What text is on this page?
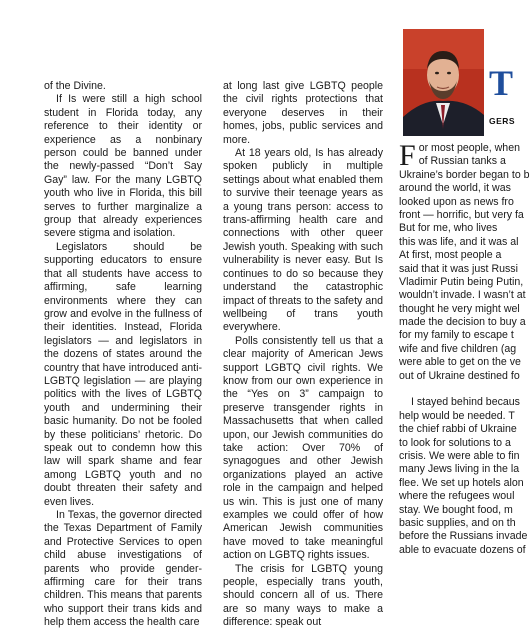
of the Divine.

If Is were still a high school student in Florida today, any reference to their identity or experience as a nonbinary person could be banned under the newly-passed “Don’t Say Gay” law. For the many LGBTQ youth who live in Florida, this bill serves to further marginalize a group that already experiences severe stigma and isolation.

Legislators should be supporting educators to ensure that all students have access to affirming, safe learning environments where they can grow and evolve in the fullness of their identities. Instead, Florida legislators — and legislators in the dozens of states around the country that have introduced anti-LGBTQ legislation — are playing politics with the lives of LGBTQ youth and undermining their basic humanity. Do not be fooled by these politicians’ rhetoric. Do speak out to condemn how this law will spark shame and fear among LGBTQ youth and no doubt threaten their safety and even lives.

In Texas, the governor directed the Texas Department of Family and Protective Services to open child abuse investigations of parents who provide gender-affirming care for their trans children. This means that parents who support their trans kids and help them access the health care

at long last give LGBTQ people the civil rights protections that everyone deserves in their homes, jobs, public services and more.

At 18 years old, Is has already spoken publicly in multiple settings about what enabled them to survive their teenage years as a young trans person: access to trans-affirming health care and connections with other queer Jewish youth. Speaking with such vulnerability is never easy. But Is continues to do so because they understand the catastrophic impact of threats to the safety and wellbeing of trans youth everywhere.

Polls consistently tell us that a clear majority of American Jews support LGBTQ civil rights. We know from our own experience in the “Yes on 3” campaign to preserve transgender rights in Massachusetts that when called upon, our Jewish communities do take action: Over 70% of synagogues and other Jewish organizations played an active role in the campaign and helped us win. This is just one of many examples we could offer of how American Jewish communities have moved to take meaningful action on LGBTQ rights issues.

The crisis for LGBTQ young people, especially trans youth, should concern all of us. There are so many ways to make a difference: speak out

T
GERS
F or most people, when
of Russian tanks a
Ukraine’s border began to b
around the world, it was
looked upon as news fro
front — horrific, but very fa
But for me, who lives
this was life, and it was al
At first, most people a
said that it was just Russi
Vladimir Putin being Putin,
wouldn’t invade. I wasn’t at
thought he very might wel
made the decision to buy a
for my family to escape t
wife and five children (ag
were able to get on the ve
out of Ukraine destined fo
I stayed behind becaus
help would be needed. T
the chief rabbi of Ukraine
to look for solutions to a
crisis. We were able to fin
many Jews living in the la
flee. We set up hotels alon
where the refugees woul
stay. We bought food, m
basic supplies, and on th
before the Russians invade
able to evacuate dozens of
